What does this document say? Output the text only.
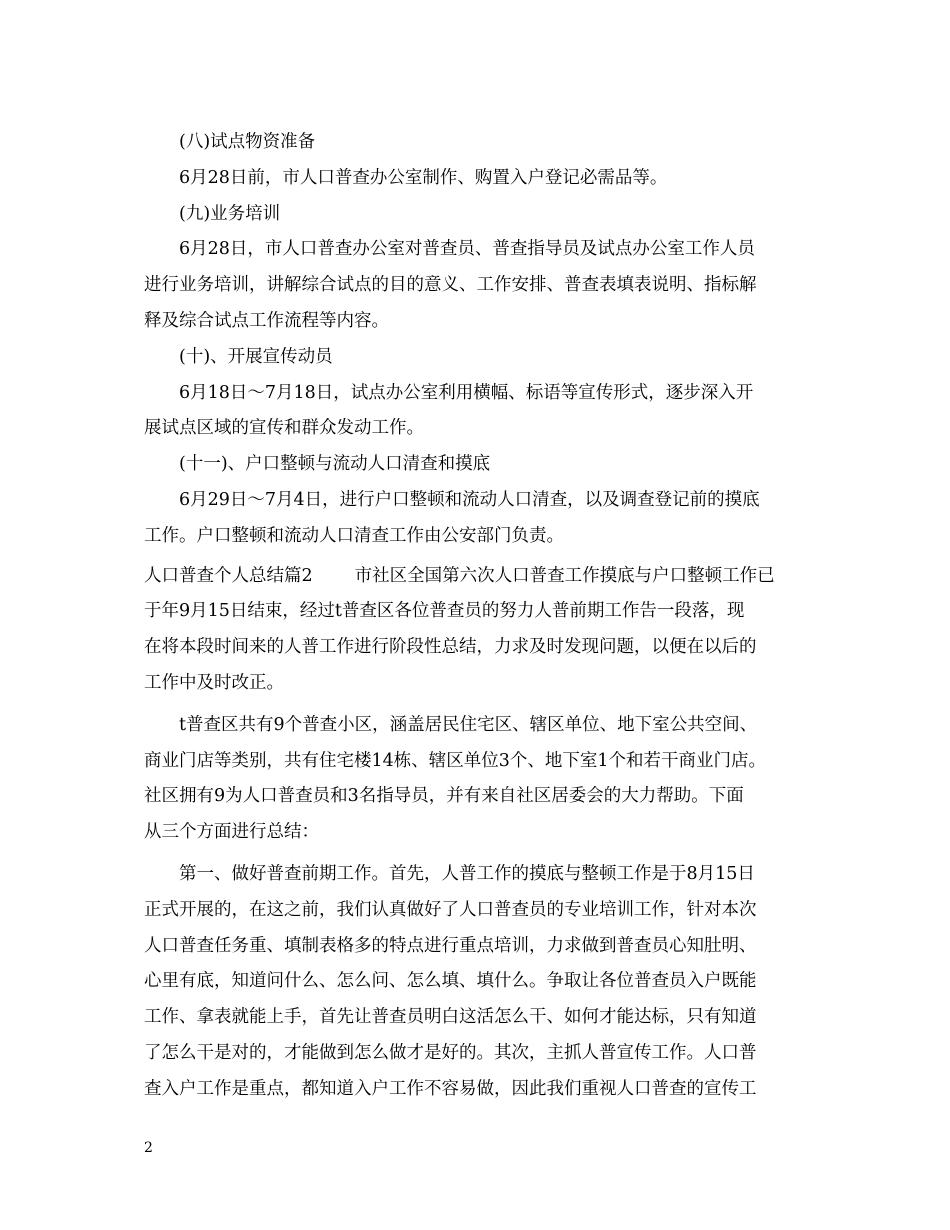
(八)试点物资准备
6月28日前，市人口普查办公室制作、购置入户登记必需品等。
(九)业务培训
6月28日，市人口普查办公室对普查员、普查指导员及试点办公室工作人员
进行业务培训，讲解综合试点的目的意义、工作安排、普查表填表说明、指标解
释及综合试点工作流程等内容。
(十)、开展宣传动员
6月18日～7月18日，试点办公室利用横幅、标语等宣传形式，逐步深入开
展试点区域的宣传和群众发动工作。
(十一)、户口整顿与流动人口清查和摸底
6月29日～7月4日，进行户口整顿和流动人口清查，以及调查登记前的摸底
工作。户口整顿和流动人口清查工作由公安部门负责。
人口普查个人总结篇2 市社区全国第六次人口普查工作摸底与户口整顿工作已
于年9月15日结束，经过t普查区各位普查员的努力人普前期工作告一段落，现
在将本段时间来的人普工作进行阶段性总结，力求及时发现问题，以便在以后的
工作中及时改正。
t普查区共有9个普查小区，涵盖居民住宅区、辖区单位、地下室公共空间、
商业门店等类别，共有住宅楼14栋、辖区单位3个、地下室1个和若干商业门店。
社区拥有9为人口普查员和3名指导员，并有来自社区居委会的大力帮助。下面
从三个方面进行总结：
第一、做好普查前期工作。首先，人普工作的摸底与整顿工作是于8月15日
正式开展的，在这之前，我们认真做好了人口普查员的专业培训工作，针对本次
人口普查任务重、填制表格多的特点进行重点培训，力求做到普查员心知肚明、
心里有底，知道问什么、怎么问、怎么填、填什么。争取让各位普查员入户既能
工作、拿表就能上手，首先让普查员明白这活怎么干、如何才能达标，只有知道
了怎么干是对的，才能做到怎么做才是好的。其次，主抓人普宣传工作。人口普
查入户工作是重点，都知道入户工作不容易做，因此我们重视人口普查的宣传工
2
